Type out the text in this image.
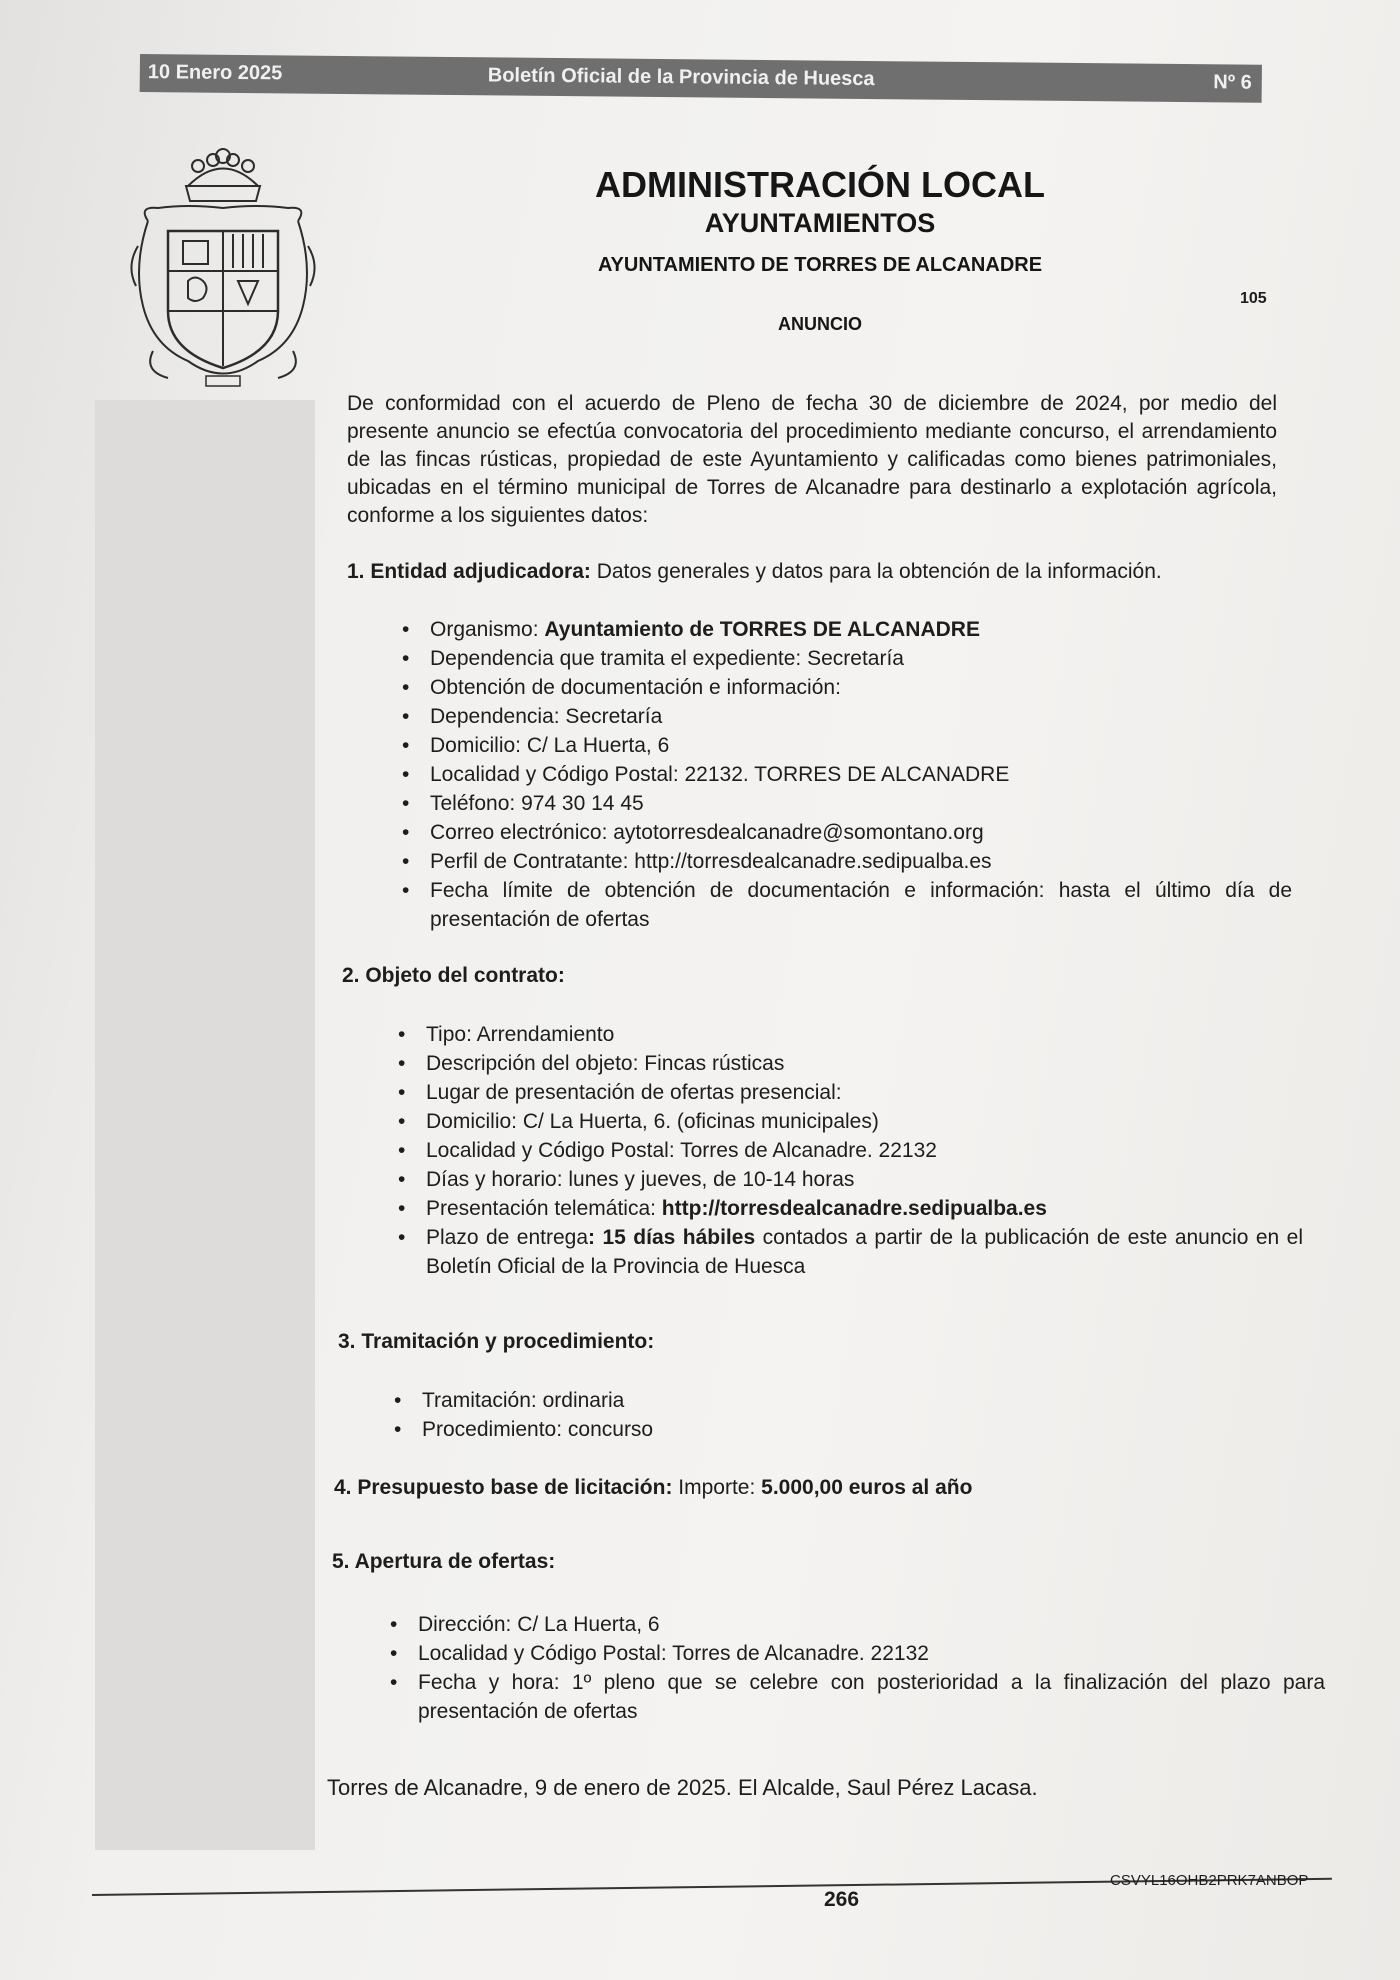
10 Enero 2025	Boletín Oficial de la Provincia de Huesca	Nº 6
ADMINISTRACIÓN LOCAL
AYUNTAMIENTOS
AYUNTAMIENTO DE TORRES DE ALCANADRE
105
ANUNCIO
De conformidad con el acuerdo de Pleno de fecha 30 de diciembre de 2024, por medio del presente anuncio se efectúa convocatoria del procedimiento mediante concurso, el arrendamiento de las fincas rústicas, propiedad de este Ayuntamiento y calificadas como bienes patrimoniales, ubicadas en el término municipal de Torres de Alcanadre para destinarlo a explotación agrícola, conforme a los siguientes datos:
1. Entidad adjudicadora: Datos generales y datos para la obtención de la información.
• Organismo: Ayuntamiento de TORRES DE ALCANADRE
• Dependencia que tramita el expediente: Secretaría
• Obtención de documentación e información:
• Dependencia: Secretaría
• Domicilio: C/ La Huerta, 6
• Localidad y Código Postal: 22132. TORRES DE ALCANADRE
• Teléfono: 974 30 14 45
• Correo electrónico: aytotorresdealcanadre@somontano.org
• Perfil de Contratante: http://torresdealcanadre.sedipualba.es
• Fecha límite de obtención de documentación e información: hasta el último día de presentación de ofertas
2. Objeto del contrato:
• Tipo: Arrendamiento
• Descripción del objeto: Fincas rústicas
• Lugar de presentación de ofertas presencial:
• Domicilio: C/ La Huerta, 6. (oficinas municipales)
• Localidad y Código Postal: Torres de Alcanadre. 22132
• Días y horario: lunes y jueves, de 10-14 horas
• Presentación telemática: http://torresdealcanadre.sedipualba.es
• Plazo de entrega: 15 días hábiles contados a partir de la publicación de este anuncio en el Boletín Oficial de la Provincia de Huesca
3. Tramitación y procedimiento:
• Tramitación: ordinaria
• Procedimiento: concurso
4. Presupuesto base de licitación: Importe: 5.000,00 euros al año
5. Apertura de ofertas:
• Dirección: C/ La Huerta, 6
• Localidad y Código Postal: Torres de Alcanadre. 22132
• Fecha y hora: 1º pleno que se celebre con posterioridad a la finalización del plazo para presentación de ofertas
Torres de Alcanadre, 9 de enero de 2025. El Alcalde, Saul Pérez Lacasa.
266
CSVYL16OHB2PRK7ANBOP
